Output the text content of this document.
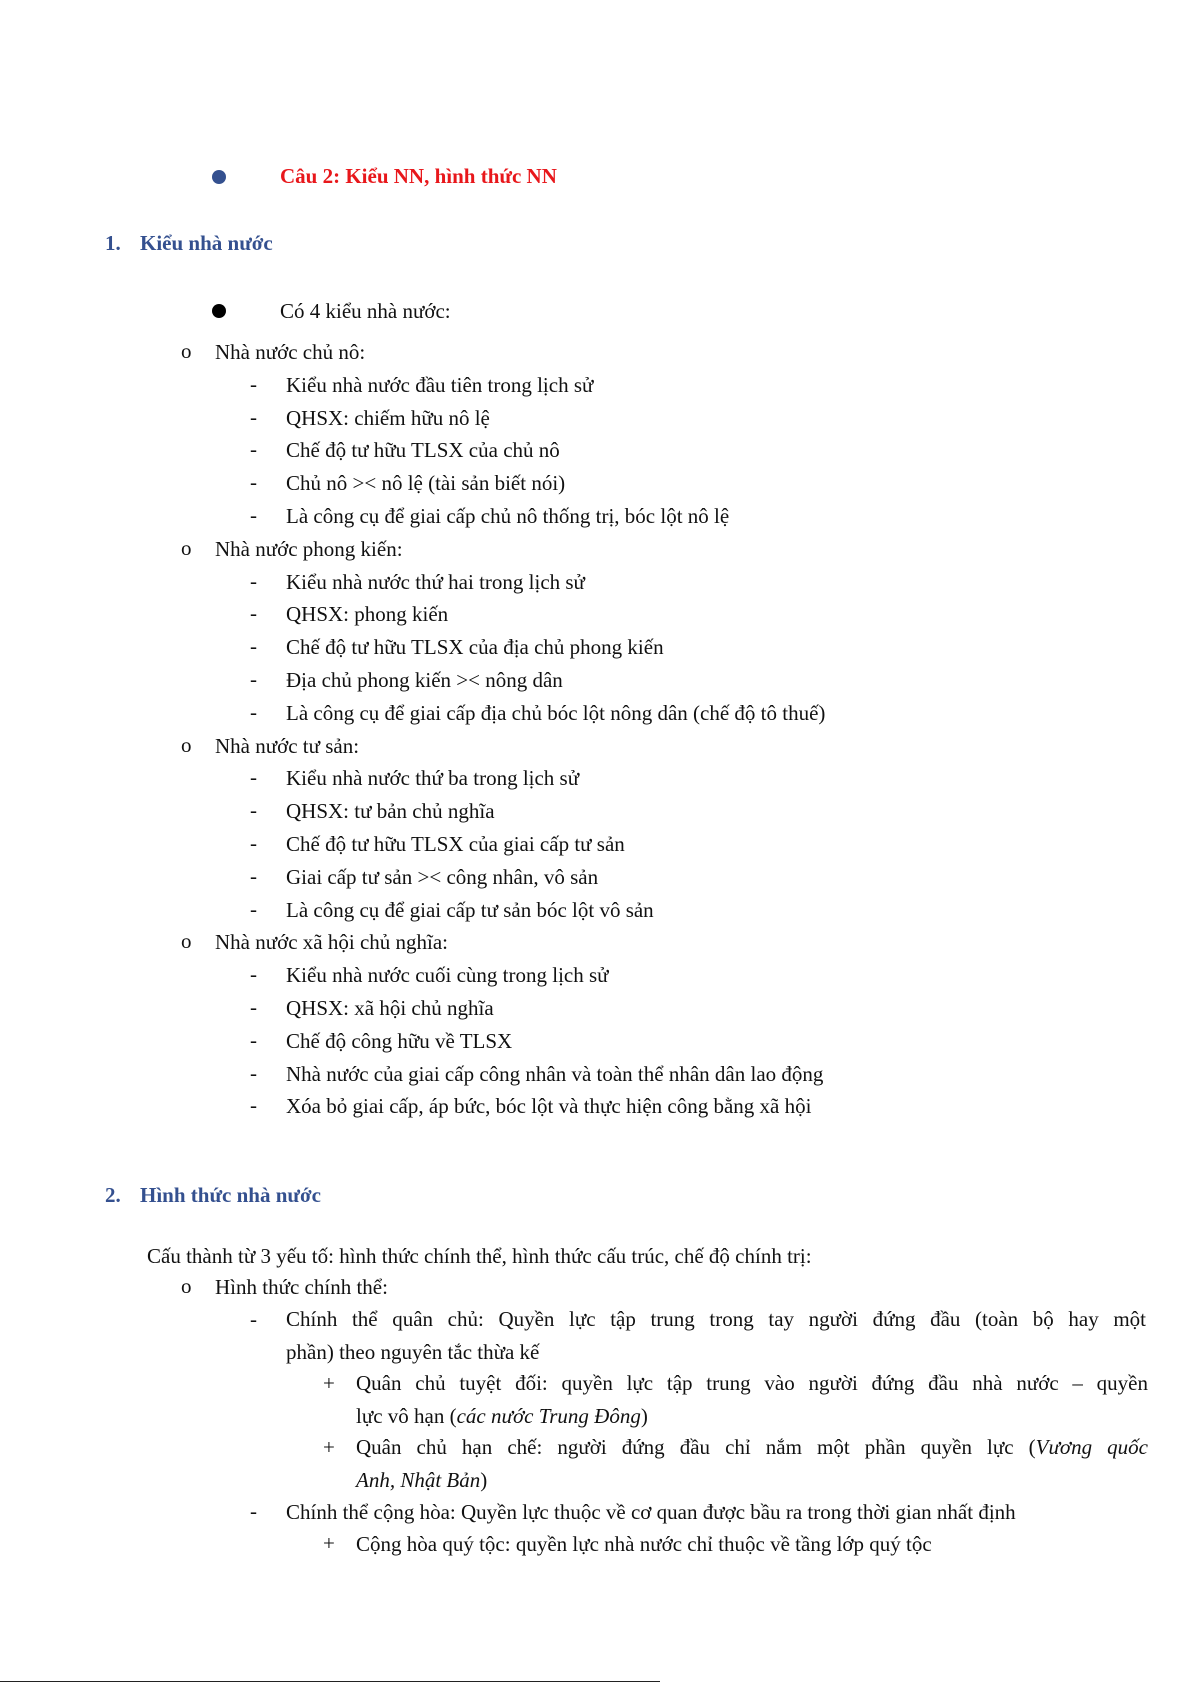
Câu 2: Kiểu NN, hình thức NN
1. Kiểu nhà nước
Có 4 kiểu nhà nước:
o Nhà nước chủ nô:
- Kiểu nhà nước đầu tiên trong lịch sử
- QHSX: chiếm hữu nô lệ
- Chế độ tư hữu TLSX của chủ nô
- Chủ nô >< nô lệ (tài sản biết nói)
- Là công cụ để giai cấp chủ nô thống trị, bóc lột nô lệ
o Nhà nước phong kiến:
- Kiểu nhà nước thứ hai trong lịch sử
- QHSX: phong kiến
- Chế độ tư hữu TLSX của địa chủ phong kiến
- Địa chủ phong kiến >< nông dân
- Là công cụ để giai cấp địa chủ bóc lột nông dân (chế độ tô thuế)
o Nhà nước tư sản:
- Kiểu nhà nước thứ ba trong lịch sử
- QHSX: tư bản chủ nghĩa
- Chế độ tư hữu TLSX của giai cấp tư sản
- Giai cấp tư sản >< công nhân, vô sản
- Là công cụ để giai cấp tư sản bóc lột vô sản
o Nhà nước xã hội chủ nghĩa:
- Kiểu nhà nước cuối cùng trong lịch sử
- QHSX: xã hội chủ nghĩa
- Chế độ công hữu về TLSX
- Nhà nước của giai cấp công nhân và toàn thể nhân dân lao động
- Xóa bỏ giai cấp, áp bức, bóc lột và thực hiện công bằng xã hội
2. Hình thức nhà nước
Cấu thành từ 3 yếu tố: hình thức chính thể, hình thức cấu trúc, chế độ chính trị:
o Hình thức chính thể:
- Chính thể quân chủ: Quyền lực tập trung trong tay người đứng đầu (toàn bộ hay một
phần) theo nguyên tắc thừa kế
+ Quân chủ tuyệt đối: quyền lực tập trung vào người đứng đầu nhà nước – quyền
lực vô hạn (các nước Trung Đông)
+ Quân chủ hạn chế: người đứng đầu chỉ nắm một phần quyền lực (Vương quốc
Anh, Nhật Bản)
- Chính thể cộng hòa: Quyền lực thuộc về cơ quan được bầu ra trong thời gian nhất định
+ Cộng hòa quý tộc: quyền lực nhà nước chỉ thuộc về tầng lớp quý tộc
